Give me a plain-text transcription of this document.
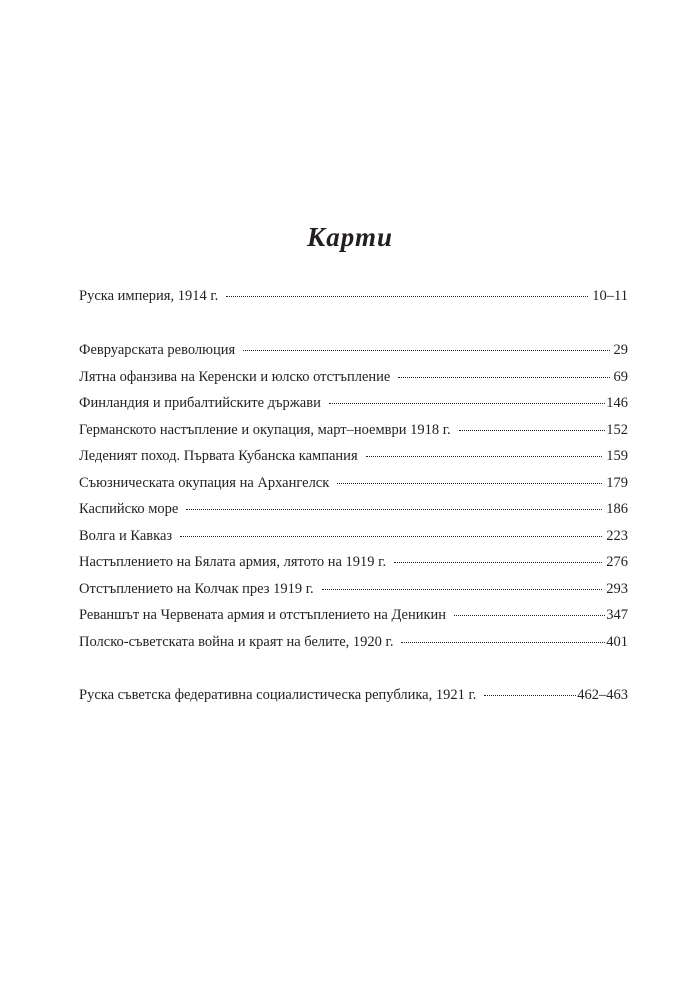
Карти
Руска империя, 1914 г.	10–11
Февруарската революция	29
Лятна офанзива на Керенски и юлско отстъпление	69
Финландия и прибалтийските държави	146
Германското настъпление и окупация, март–ноември 1918 г.	152
Леденият поход. Първата Кубанска кампания	159
Съюзническата окупация на Архангелск	179
Каспийско море	186
Волга и Кавказ	223
Настъплението на Бялата армия, лятото на 1919 г.	276
Отстъплението на Колчак през 1919 г.	293
Реваншът на Червената армия и отстъплението на Деникин	347
Полско-съветската война и краят на белите, 1920 г.	401
Руска съветска федеративна социалистическа република, 1921 г.	462–463
